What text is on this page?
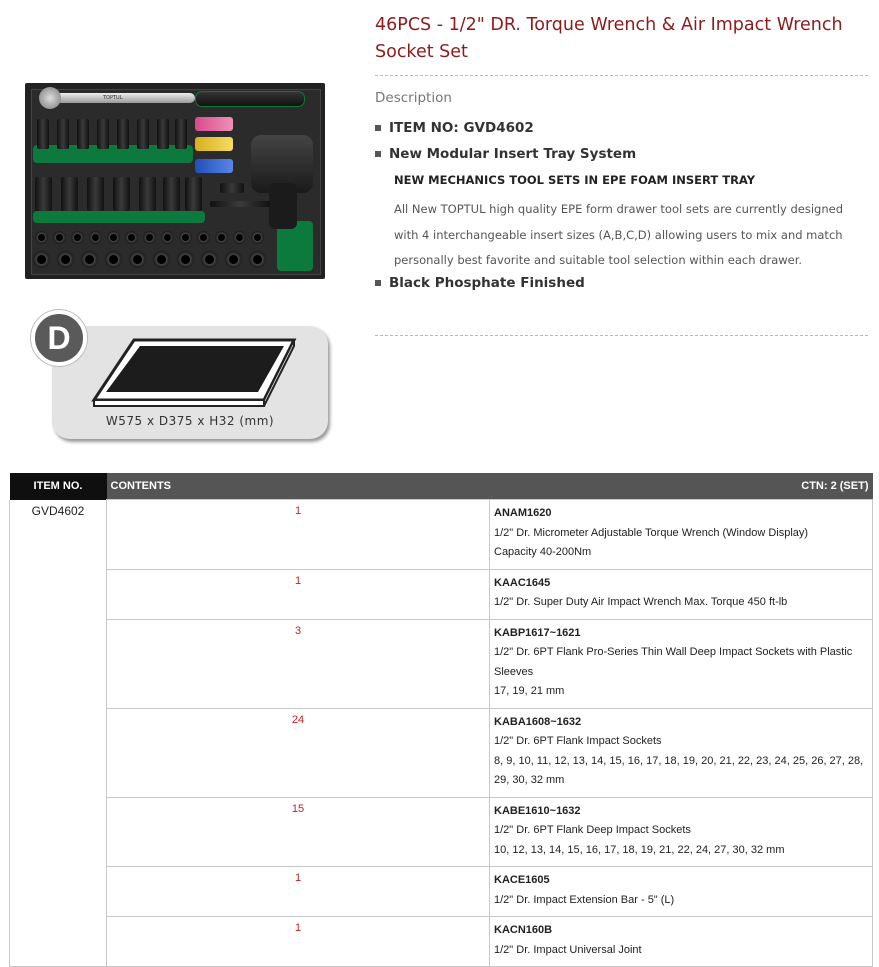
TOPTUL
D
W575 x D375 x H32 (mm)
46PCS - 1/2" DR. Torque Wrench & Air Impact Wrench Socket Set
Description
ITEM NO: GVD4602
New Modular Insert Tray System
NEW MECHANICS TOOL SETS IN EPE FOAM INSERT TRAY

All New TOPTUL high quality EPE form drawer tool sets are currently designed with 4 interchangeable insert sizes (A,B,C,D) allowing users to mix and match personally best favorite and suitable tool selection within each drawer.

Black Phosphate Finished
ITEM NO.	CONTENTS CTN: 2 (SET)	

GVD4602	1	ANAM1620
1/2" Dr. Micrometer Adjustable Torque Wrench (Window Display)
Capacity 40-200Nm

	1	KAAC1645
1/2" Dr. Super Duty Air Impact Wrench Max. Torque 450 ft-lb

	3	KABP1617~1621
1/2" Dr. 6PT Flank Pro-Series Thin Wall Deep Impact Sockets with Plastic Sleeves
17, 19, 21 mm

	24	KABA1608~1632
1/2" Dr. 6PT Flank Impact Sockets
8, 9, 10, 11, 12, 13, 14, 15, 16, 17, 18, 19, 20, 21, 22, 23, 24, 25, 26, 27, 28, 29, 30, 32 mm

	15	KABE1610~1632
1/2" Dr. 6PT Flank Deep Impact Sockets
10, 12, 13, 14, 15, 16, 17, 18, 19, 21, 22, 24, 27, 30, 32 mm

	1	KACE1605
1/2" Dr. Impact Extension Bar - 5" (L)

	1	KACN160B
1/2" Dr. Impact Universal Joint
